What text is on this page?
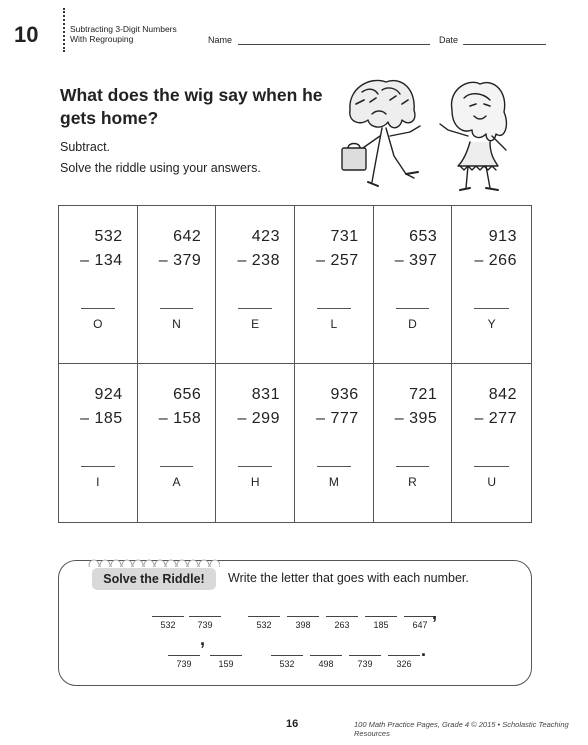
10	Subtracting 3-Digit Numbers
With Regrouping	Name	Date
What does the wig say when he gets home?
Subtract.
Solve the riddle using your answers.
532
– 134
O
642
– 379
N
423
– 238
E
731
– 257
L
653
– 397
D
913
– 266
Y
924
– 185
I
656
– 158
A
831
– 299
H
936
– 777
M
721
– 395
R
842
– 277
U
Solve the Riddle!	Write the letter that goes with each number.
532	739	532	398	263	185	647
,
,
739	159	532	498	739	326
.
16	100 Math Practice Pages, Grade 4 © 2015 • Scholastic Teaching Resources
